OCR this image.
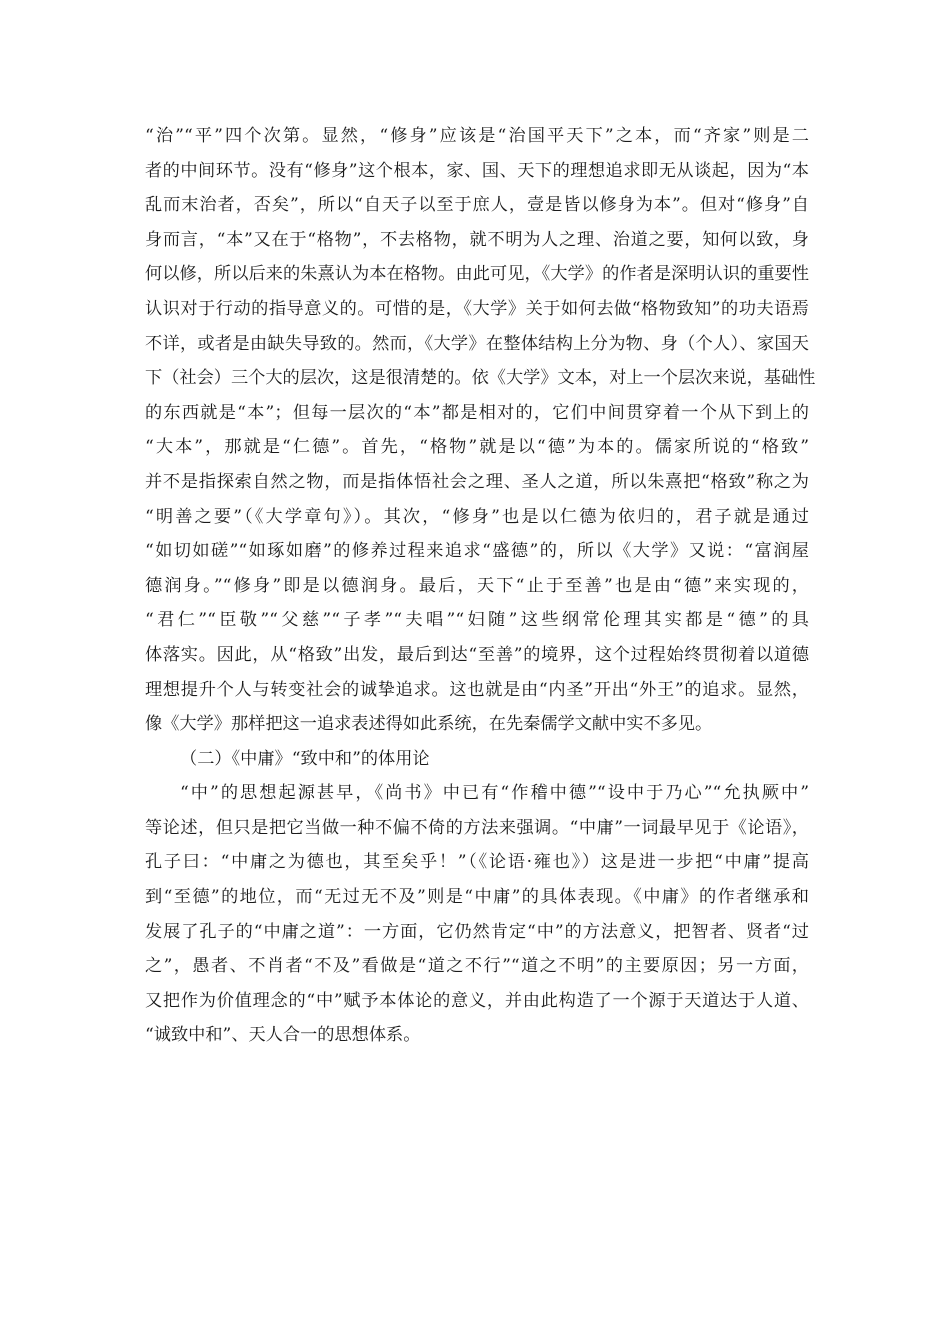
“治”“平”四个次第。显然，“修身”应该是“治国平天下”之本，而“齐家”则是二
者的中间环节。没有“修身”这个根本，家、国、天下的理想追求即无从谈起，因为“本
乱而末治者，否矣”，所以“自天子以至于庶人，壹是皆以修身为本”。但对“修身”自
身而言，“本”又在于“格物”，不去格物，就不明为人之理、治道之要，知何以致，身
何以修，所以后来的朱熹认为本在格物。由此可见，《大学》的作者是深明认识的重要性
认识对于行动的指导意义的。可惜的是，《大学》关于如何去做“格物致知”的功夫语焉
不详，或者是由缺失导致的。然而，《大学》在整体结构上分为物、身（个人）、家国天
下（社会）三个大的层次，这是很清楚的。依《大学》文本，对上一个层次来说，基础性
的东西就是“本”；但每一层次的“本”都是相对的，它们中间贯穿着一个从下到上的
“大本”，那就是“仁德”。首先，“格物”就是以“德”为本的。儒家所说的“格致”
并不是指探索自然之物，而是指体悟社会之理、圣人之道，所以朱熹把“格致”称之为
“明善之要”（《大学章句》）。其次，“修身”也是以仁德为依归的，君子就是通过
“如切如磋”“如琢如磨”的修养过程来追求“盛德”的，所以《大学》又说：“富润屋
德润身。”“修身”即是以德润身。最后，天下“止于至善”也是由“德”来实现的，
“君仁”“臣敬”“父慈”“子孝”“夫唱”“妇随”这些纲常伦理其实都是“德”的具
体落实。因此，从“格致”出发，最后到达“至善”的境界，这个过程始终贯彻着以道德
理想提升个人与转变社会的诚挚追求。这也就是由“内圣”开出“外王”的追求。显然，
像《大学》那样把这一追求表述得如此系统，在先秦儒学文献中实不多见。
（二）《中庸》“致中和”的体用论
“中”的思想起源甚早，《尚书》中已有“作稽中德”“设中于乃心”“允执厥中”
等论述，但只是把它当做一种不偏不倚的方法来强调。“中庸”一词最早见于《论语》，
孔子曰：“中庸之为德也，其至矣乎！”（《论语·雍也》）这是进一步把“中庸”提高
到“至德”的地位，而“无过无不及”则是“中庸”的具体表现。《中庸》的作者继承和
发展了孔子的“中庸之道”：一方面，它仍然肯定“中”的方法意义，把智者、贤者“过
之”，愚者、不肖者“不及”看做是“道之不行”“道之不明”的主要原因；另一方面，
又把作为价值理念的“中”赋予本体论的意义，并由此构造了一个源于天道达于人道、
“诚致中和”、天人合一的思想体系。
